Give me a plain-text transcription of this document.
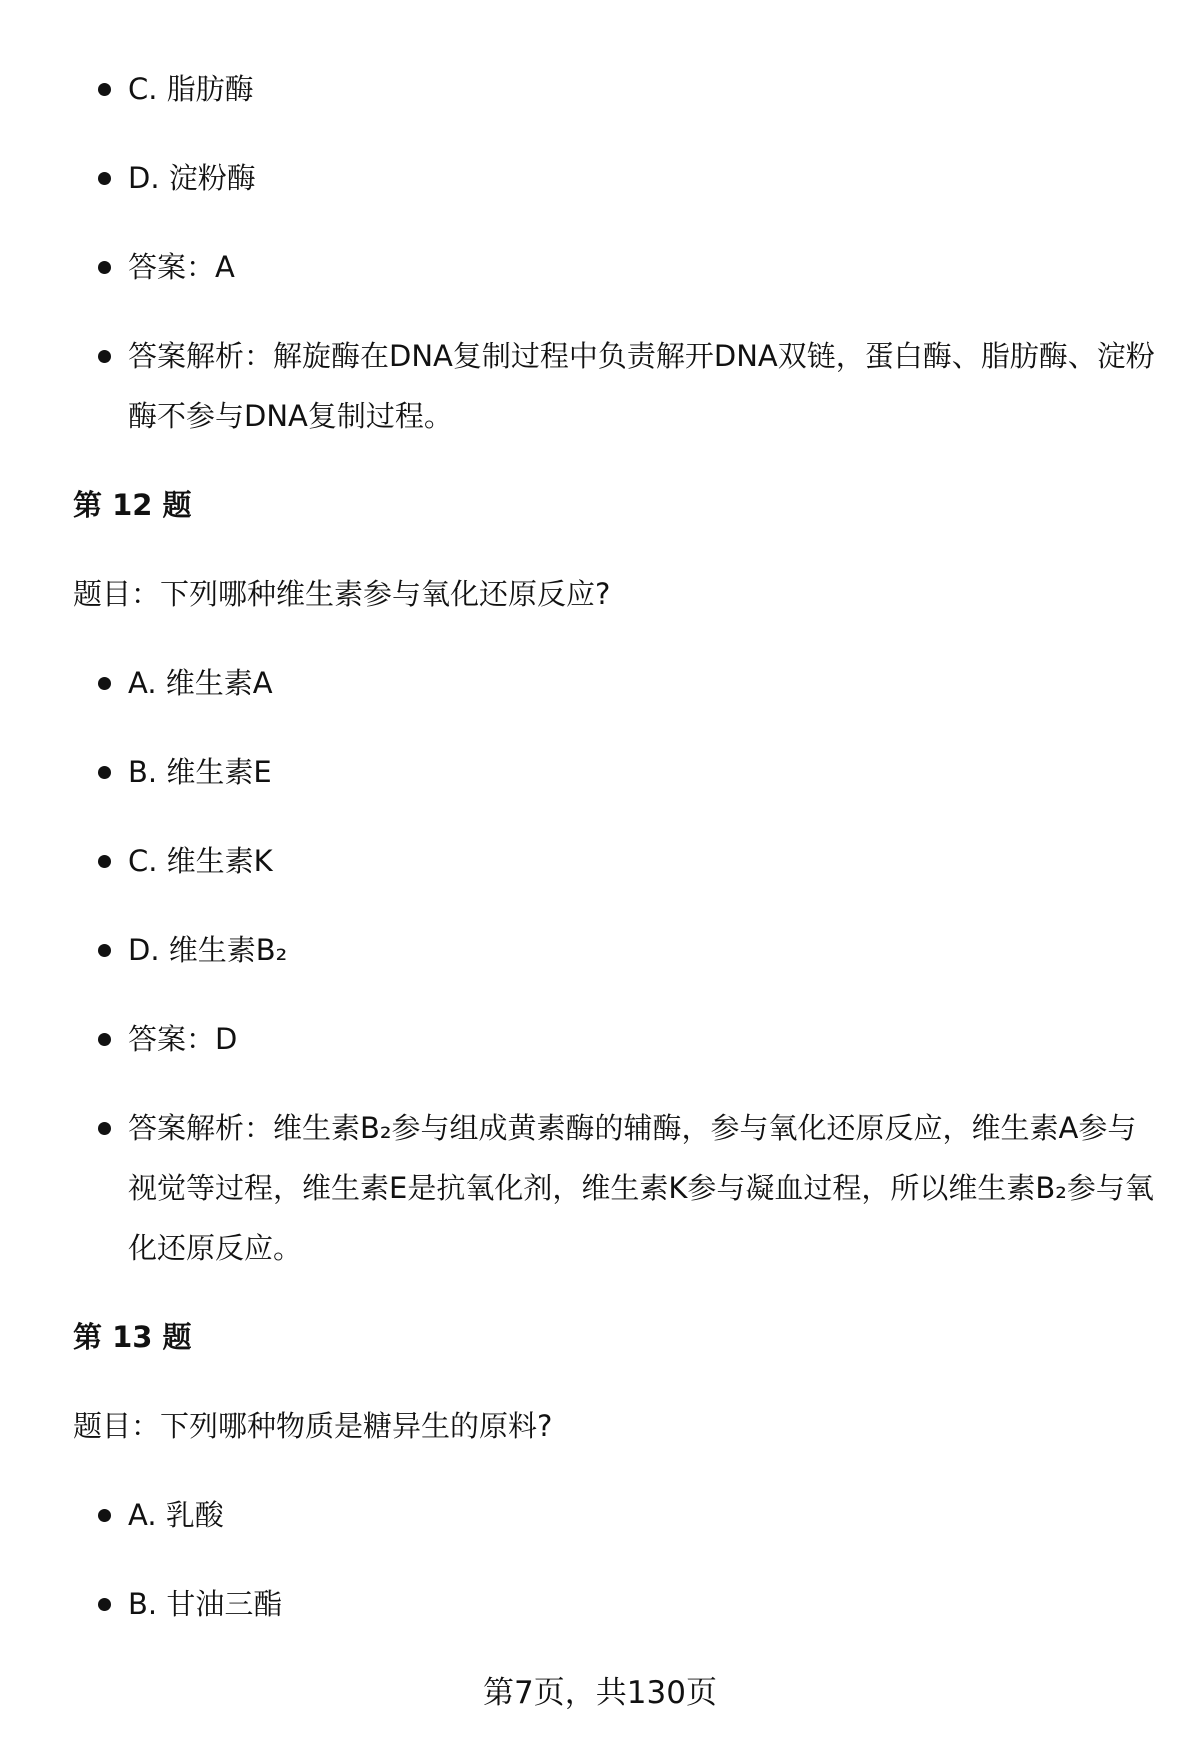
C. 脂肪酶
D. 淀粉酶
答案：A
答案解析：解旋酶在DNA复制过程中负责解开DNA双链，蛋白酶、脂肪酶、淀粉酶不参与DNA复制过程。
第 12 题
题目：下列哪种维生素参与氧化还原反应?
A. 维生素A
B. 维生素E
C. 维生素K
D. 维生素B₂
答案：D
答案解析：维生素B₂参与组成黄素酶的辅酶，参与氧化还原反应，维生素A参与视觉等过程，维生素E是抗氧化剂，维生素K参与凝血过程，所以维生素B₂参与氧化还原反应。
第 13 题
题目：下列哪种物质是糖异生的原料?
A. 乳酸
B. 甘油三酯
第7页，共130页
